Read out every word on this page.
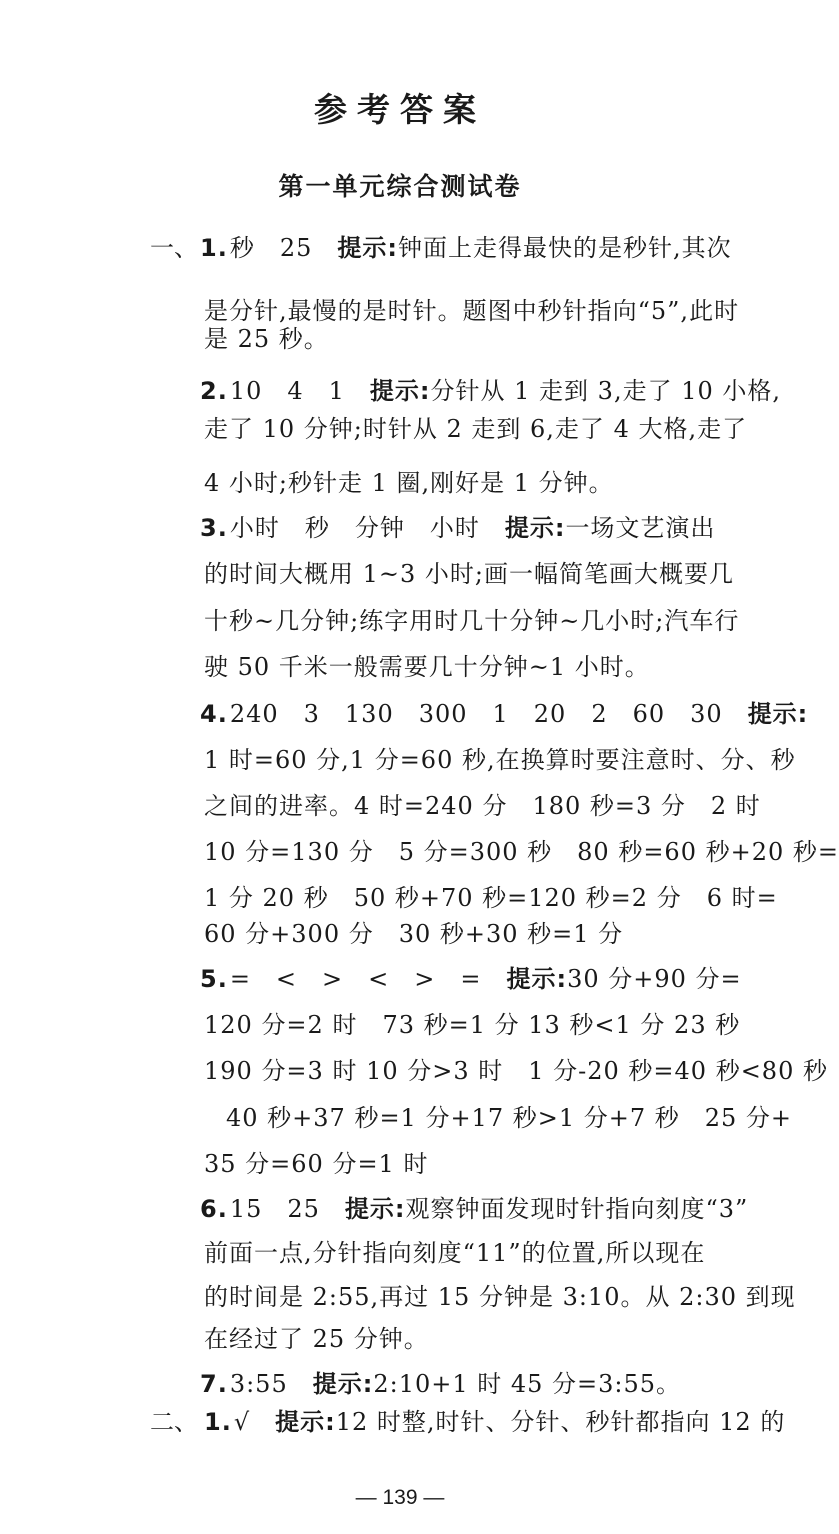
参考答案
第一单元综合测试卷
一、
二、
1.秒　25　提示:钟面上走得最快的是秒针,其次
是分针,最慢的是时针。题图中秒针指向“5”,此时
是 25 秒。
2.10　4　1　提示:分针从 1 走到 3,走了 10 小格,
走了 10 分钟;时针从 2 走到 6,走了 4 大格,走了
4 小时;秒针走 1 圈,刚好是 1 分钟。
3.小时　秒　分钟　小时　提示:一场文艺演出
的时间大概用 1~3 小时;画一幅简笔画大概要几
十秒~几分钟;练字用时几十分钟~几小时;汽车行
驶 50 千米一般需要几十分钟~1 小时。
4.240　3　130　300　1　20　2　60　30　提示:
1 时=60 分,1 分=60 秒,在换算时要注意时、分、秒
之间的进率。4 时=240 分　180 秒=3 分　2 时
10 分=130 分　5 分=300 秒　80 秒=60 秒+20 秒=
1 分 20 秒　50 秒+70 秒=120 秒=2 分　6 时=
60 分+300 分　30 秒+30 秒=1 分
5.=　<　>　<　>　=　提示:30 分+90 分=
120 分=2 时　73 秒=1 分 13 秒<1 分 23 秒
190 分=3 时 10 分>3 时　1 分-20 秒=40 秒<80 秒
40 秒+37 秒=1 分+17 秒>1 分+7 秒　25 分+
35 分=60 分=1 时
6.15　25　提示:观察钟面发现时针指向刻度“3”
前面一点,分针指向刻度“11”的位置,所以现在
的时间是 2:55,再过 15 分钟是 3:10。从 2:30 到现
在经过了 25 分钟。
7.3:55　提示:2:10+1 时 45 分=3:55。
1.√　提示:12 时整,时针、分针、秒针都指向 12 的
— 139 —
